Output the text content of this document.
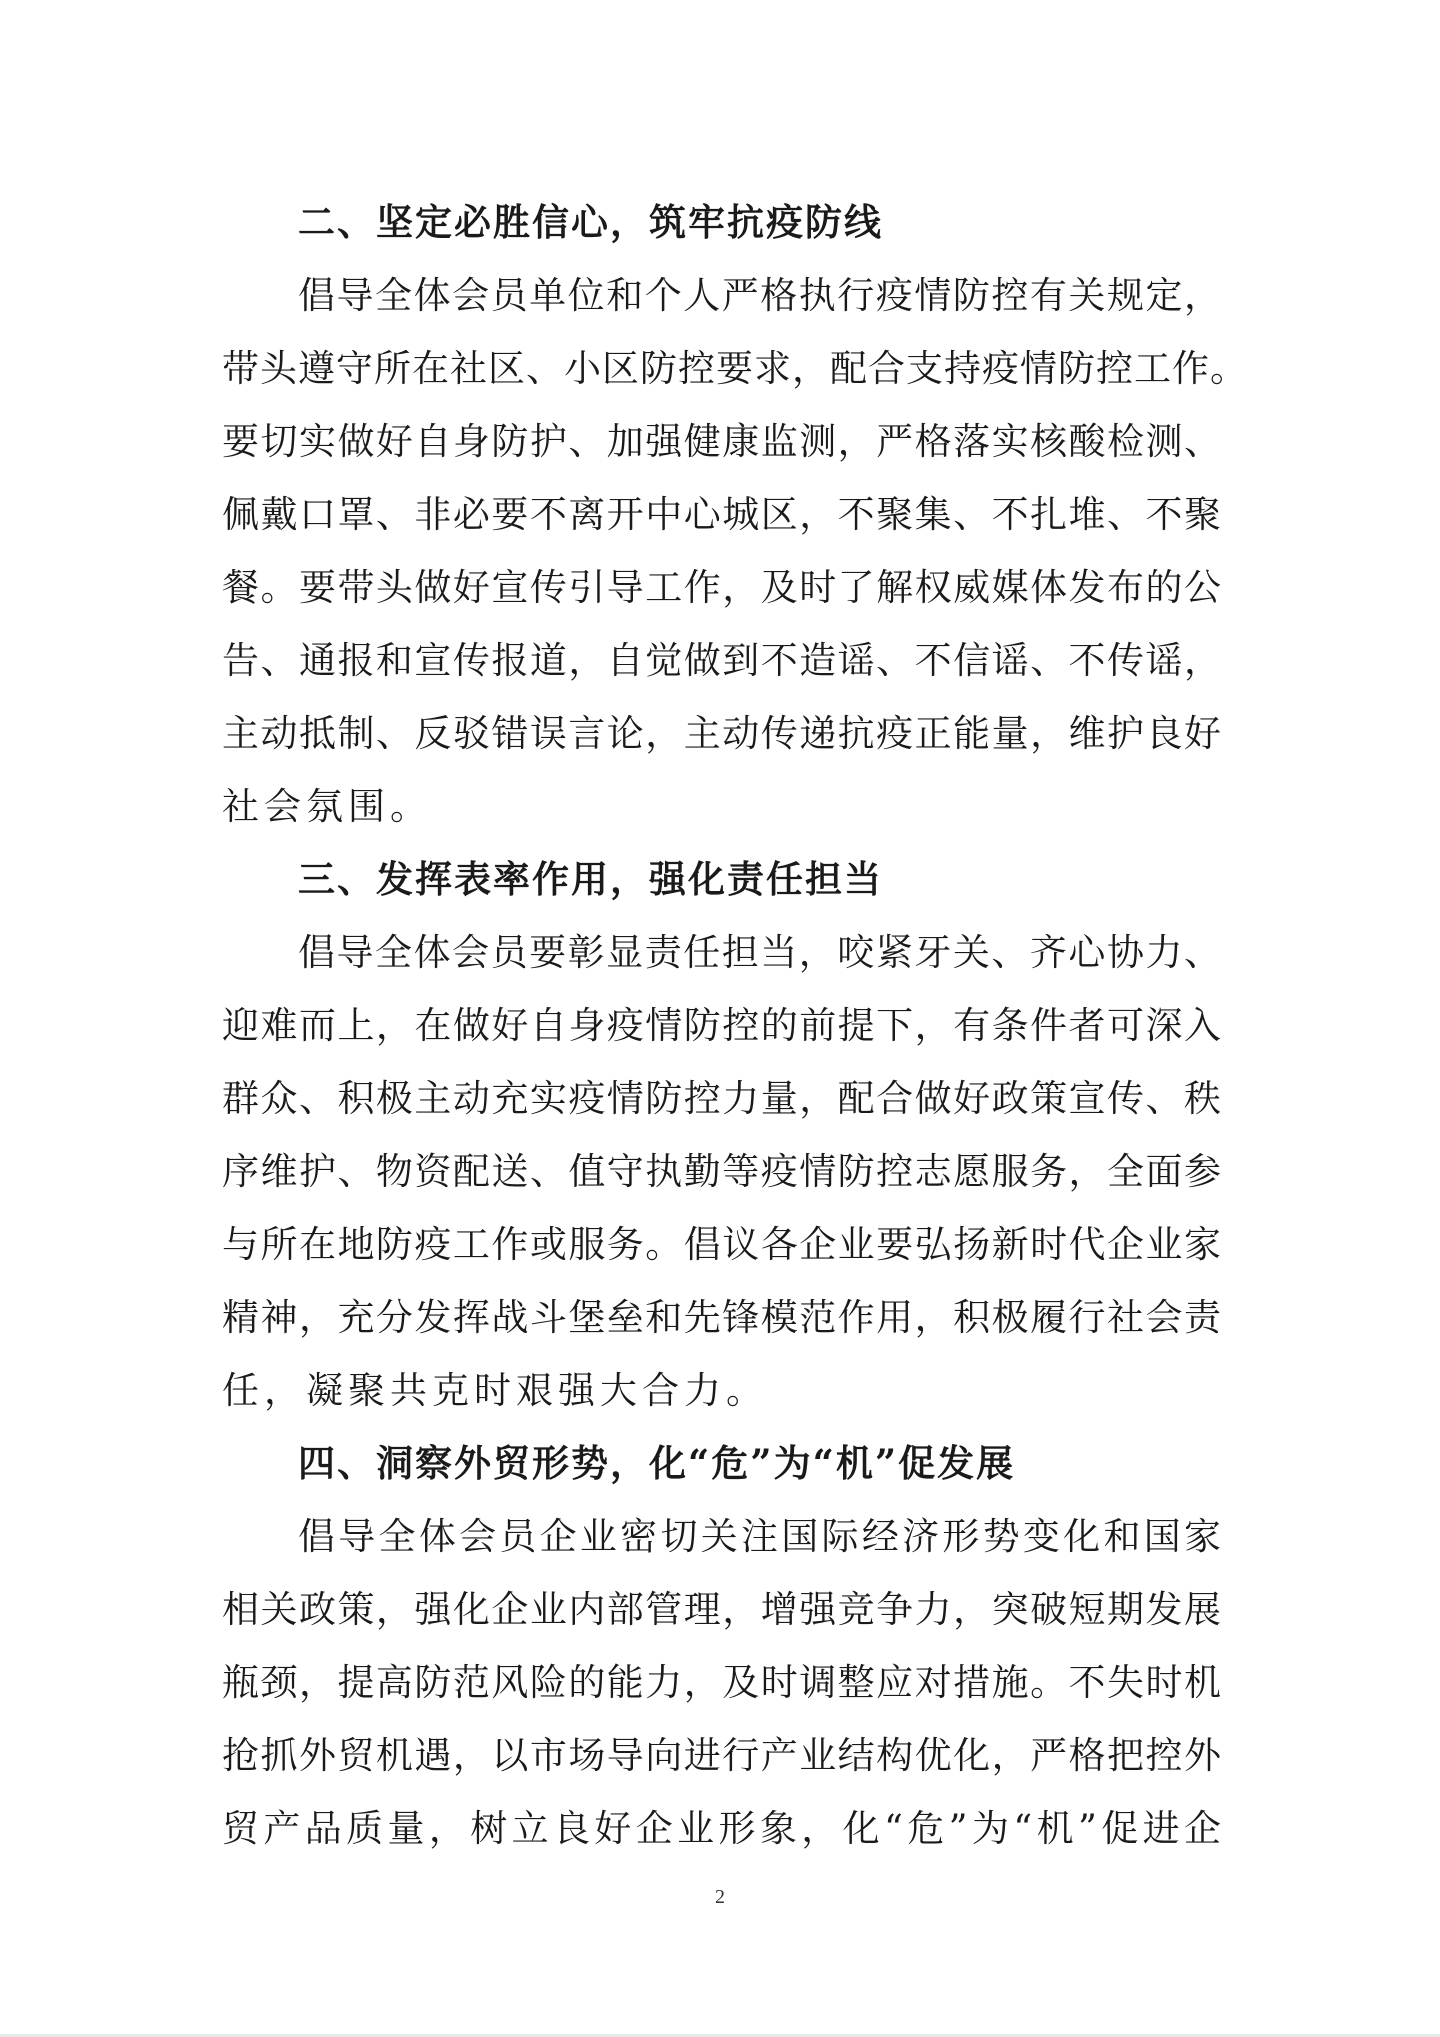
二、坚定必胜信心，筑牢抗疫防线

倡导全体会员单位和个人严格执行疫情防控有关规定，
带头遵守所在社区、小区防控要求，配合支持疫情防控工作。
要切实做好自身防护、加强健康监测，严格落实核酸检测、
佩戴口罩、非必要不离开中心城区，不聚集、不扎堆、不聚
餐。要带头做好宣传引导工作，及时了解权威媒体发布的公
告、通报和宣传报道，自觉做到不造谣、不信谣、不传谣，
主动抵制、反驳错误言论，主动传递抗疫正能量，维护良好
社会氛围。

三、发挥表率作用，强化责任担当

倡导全体会员要彰显责任担当，咬紧牙关、齐心协力、
迎难而上，在做好自身疫情防控的前提下，有条件者可深入
群众、积极主动充实疫情防控力量，配合做好政策宣传、秩
序维护、物资配送、值守执勤等疫情防控志愿服务，全面参
与所在地防疫工作或服务。倡议各企业要弘扬新时代企业家
精神，充分发挥战斗堡垒和先锋模范作用，积极履行社会责
任，凝聚共克时艰强大合力。

四、洞察外贸形势，化“危”为“机”促发展

倡导全体会员企业密切关注国际经济形势变化和国家
相关政策，强化企业内部管理，增强竞争力，突破短期发展
瓶颈，提高防范风险的能力，及时调整应对措施。不失时机
抢抓外贸机遇，以市场导向进行产业结构优化，严格把控外
贸产品质量，树立良好企业形象，化“危”为“机”促进企

2
